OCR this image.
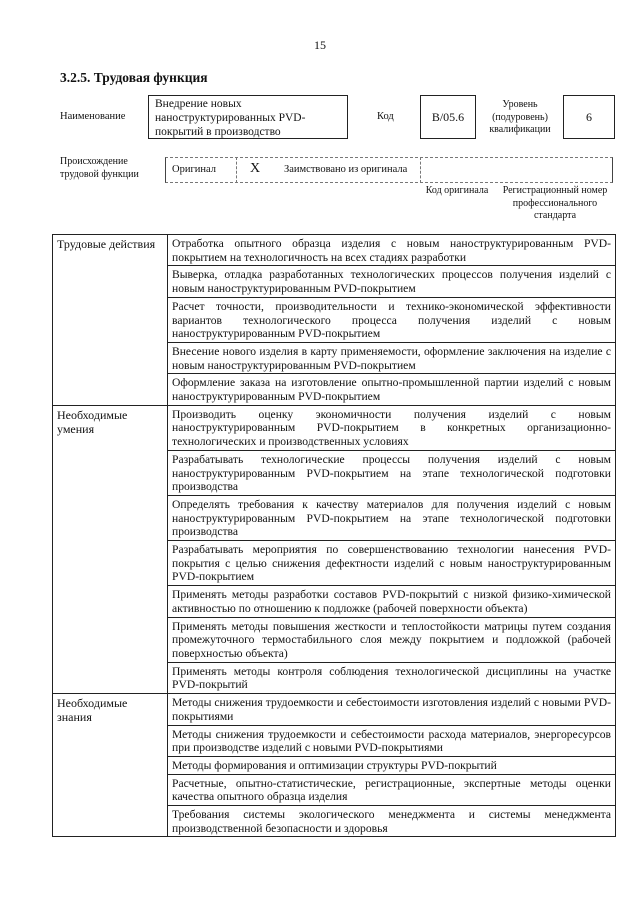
15
3.2.5. Трудовая функция
Наименование
Внедрение новых наноструктурированных PVD-покрытий в производство
Код	B/05.6
Уровень (подуровень) квалификации
6
Происхождение трудовой функции	Оригинал X Заимствовано из оригинала
Код оригинала	Регистрационный номер профессионального стандарта
Трудовые действия	Отработка опытного образца изделия с новым наноструктурированным PVD-покрытием на технологичность на всех стадиях разработки
	Выверка, отладка разработанных технологических процессов получения изделий с новым наноструктурированным PVD-покрытием
	Расчет точности, производительности и технико-экономической эффективности вариантов технологического процесса получения изделий с новым наноструктурированным PVD-покрытием
	Внесение нового изделия в карту применяемости, оформление заключения на изделие с новым наноструктурированным PVD-покрытием
	Оформление заказа на изготовление опытно-промышленной партии изделий с новым наноструктурированным PVD-покрытием
Необходимые умения	Производить оценку экономичности получения изделий с новым наноструктурированным PVD-покрытием в конкретных организационно-технологических и производственных условиях
	Разрабатывать технологические процессы получения изделий с новым наноструктурированным PVD-покрытием на этапе технологической подготовки производства
	Определять требования к качеству материалов для получения изделий с новым наноструктурированным PVD-покрытием на этапе технологической подготовки производства
	Разрабатывать мероприятия по совершенствованию технологии нанесения PVD-покрытия с целью снижения дефектности изделий с новым наноструктурированным PVD-покрытием
	Применять методы разработки составов PVD-покрытий с низкой физико-химической активностью по отношению к подложке (рабочей поверхности объекта)
	Применять методы повышения жесткости и теплостойкости матрицы путем создания промежуточного термостабильного слоя между покрытием и подложкой (рабочей поверхностью объекта)
	Применять методы контроля соблюдения технологической дисциплины на участке PVD-покрытий
Необходимые знания	Методы снижения трудоемкости и себестоимости изготовления изделий с новыми PVD-покрытиями
	Методы снижения трудоемкости и себестоимости расхода материалов, энергоресурсов при производстве изделий с новыми PVD-покрытиями
	Методы формирования и оптимизации структуры PVD-покрытий
	Расчетные, опытно-статистические, регистрационные, экспертные методы оценки качества опытного образца изделия
	Требования системы экологического менеджмента и системы менеджмента производственной безопасности и здоровья
